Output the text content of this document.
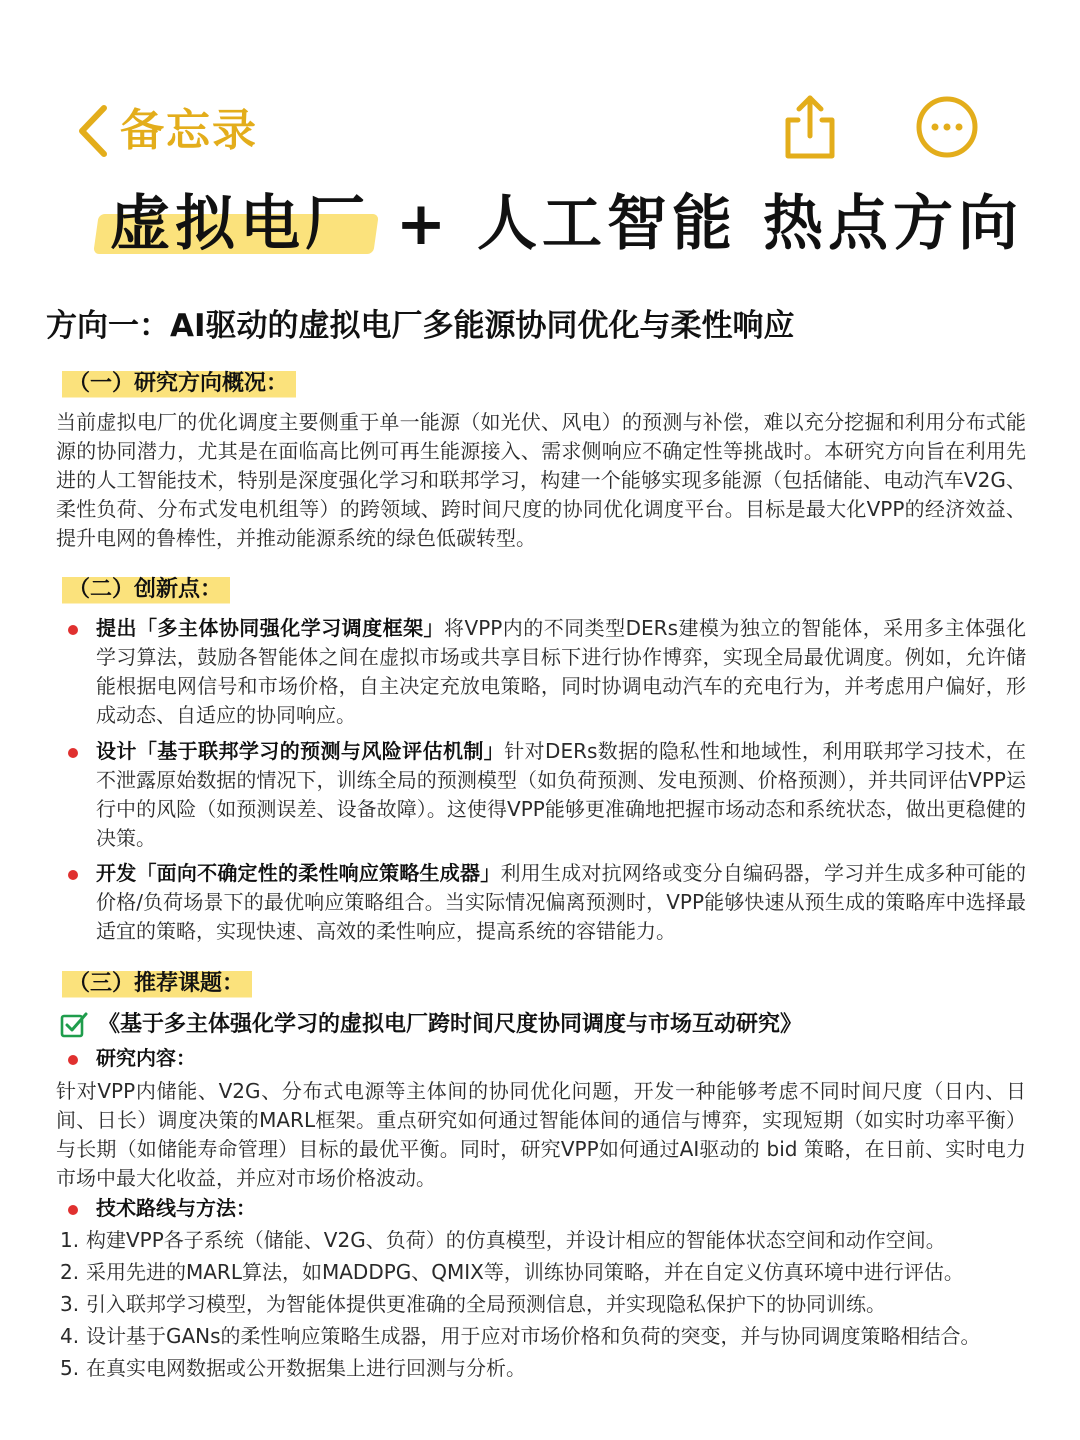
备忘录
虚拟电厂 + 人工智能 热点方向
方向一：AI驱动的虚拟电厂多能源协同优化与柔性响应
（一）研究方向概况：
当前虚拟电厂的优化调度主要侧重于单一能源（如光伏、风电）的预测与补偿，难以充分挖掘和利用分布式能源的协同潜力，尤其是在面临高比例可再生能源接入、需求侧响应不确定性等挑战时。本研究方向旨在利用先进的人工智能技术，特别是深度强化学习和联邦学习，构建一个能够实现多能源（包括储能、电动汽车V2G、柔性负荷、分布式发电机组等）的跨领域、跨时间尺度的协同优化调度平台。目标是最大化VPP的经济效益、提升电网的鲁棒性，并推动能源系统的绿色低碳转型。
（二）创新点：
提出「多主体协同强化学习调度框架」将VPP内的不同类型DERs建模为独立的智能体，采用多主体强化学习算法，鼓励各智能体之间在虚拟市场或共享目标下进行协作博弈，实现全局最优调度。例如，允许储能根据电网信号和市场价格，自主决定充放电策略，同时协调电动汽车的充电行为，并考虑用户偏好，形成动态、自适应的协同响应。
设计「基于联邦学习的预测与风险评估机制」针对DERs数据的隐私性和地域性，利用联邦学习技术，在不泄露原始数据的情况下，训练全局的预测模型（如负荷预测、发电预测、价格预测），并共同评估VPP运行中的风险（如预测误差、设备故障）。这使得VPP能够更准确地把握市场动态和系统状态，做出更稳健的决策。
开发「面向不确定性的柔性响应策略生成器」利用生成对抗网络或变分自编码器，学习并生成多种可能的价格/负荷场景下的最优响应策略组合。当实际情况偏离预测时，VPP能够快速从预生成的策略库中选择最适宜的策略，实现快速、高效的柔性响应，提高系统的容错能力。
（三）推荐课题：
《基于多主体强化学习的虚拟电厂跨时间尺度协同调度与市场互动研究》
研究内容：
针对VPP内储能、V2G、分布式电源等主体间的协同优化问题，开发一种能够考虑不同时间尺度（日内、日间、日长）调度决策的MARL框架。重点研究如何通过智能体间的通信与博弈，实现短期（如实时功率平衡）与长期（如储能寿命管理）目标的最优平衡。同时，研究VPP如何通过AI驱动的 bid 策略，在日前、实时电力市场中最大化收益，并应对市场价格波动。
技术路线与方法：
1. 构建VPP各子系统（储能、V2G、负荷）的仿真模型，并设计相应的智能体状态空间和动作空间。
2. 采用先进的MARL算法，如MADDPG、QMIX等，训练协同策略，并在自定义仿真环境中进行评估。
3. 引入联邦学习模型，为智能体提供更准确的全局预测信息，并实现隐私保护下的协同训练。
4. 设计基于GANs的柔性响应策略生成器，用于应对市场价格和负荷的突变，并与协同调度策略相结合。
5. 在真实电网数据或公开数据集上进行回测与分析。
